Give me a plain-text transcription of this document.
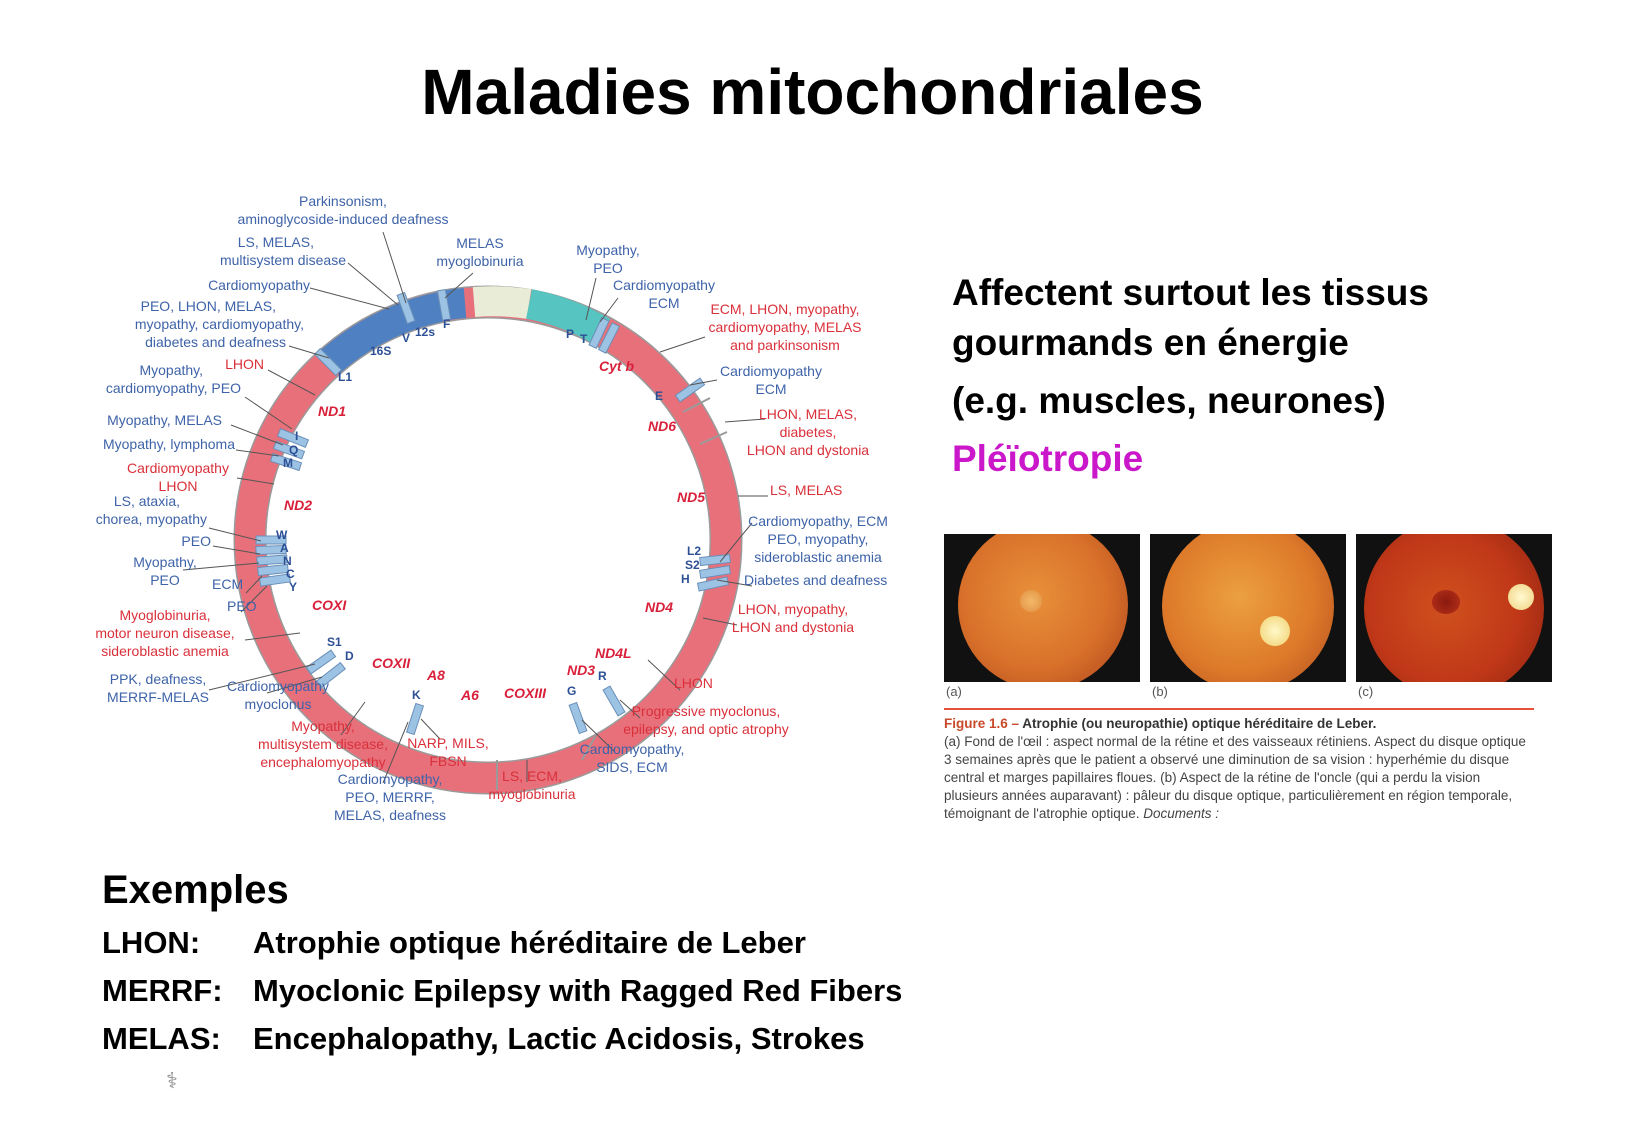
Maladies mitochondriales
ND1
ND2
COXI
COXII
A8
A6 COXIII
ND3
ND4L
ND4
ND5
ND6
Cyt b
16S
12s
V
F
L1
I
Q
M
W
A
N
C
Y
S1
D
K	G
R
L2
S2
H
E
P T
Parkinsonism, aminoglycoside-induced deafness
MELAS myoglobinuria
LS, MELAS, multisystem disease
Myopathy, PEO
Cardiomyopathy	Cardiomyopathy ECM
PEO, LHON, MELAS, myopathy, cardiomyopathy, diabetes and deafness
ECM, LHON, myopathy, cardiomyopathy, MELAS and parkinsonism
LHON	Cardiomyopathy ECM
Myopathy, cardiomyopathy, PEO
Myopathy, MELAS	LHON, MELAS, diabetes, LHON and dystonia
Myopathy, lymphoma
Cardiomyopathy LHON	LS, MELAS
LS, ataxia, chorea, myopathy	Cardiomyopathy, ECM PEO, myopathy, sideroblastic anemia
PEO
Myopathy, PEO	ECM
PEO
Diabetes and deafness
LHON, myopathy, LHON and dystonia
Myoglobinuria, motor neuron disease, sideroblastic anemia
LHON
PPK, deafness, MERRF-MELAS
Cardiomyopathy myoclonus	Progressive myoclonus, epilepsy, and optic atrophy
Myopathy, multisystem disease, encephalomyopathy
NARP, MILS, FBSN
Cardiomyopathy, SIDS, ECM
Cardiomyopathy, PEO, MERRF, MELAS, deafness
LS, ECM, myoglobinuria
Affectent surtout les tissus
gourmands en énergie
(e.g. muscles, neurones)
Pléïotropie
(a)	(b)	(c)
Figure 1.6 – Atrophie (ou neuropathie) optique héréditaire de Leber.
(a) Fond de l'œil : aspect normal de la rétine et des vaisseaux rétiniens. Aspect du disque optique 3 semaines après que le patient a observé une diminution de sa vision : hyperhémie du disque central et marges papillaires floues. (b) Aspect de la rétine de l'oncle (qui a perdu la vision plusieurs années auparavant) : pâleur du disque optique, particulièrement en région temporale, témoignant de l'atrophie optique. Documents :
Exemples
LHON:	Atrophie optique héréditaire de Leber
MERRF: Myoclonic Epilepsy with Ragged Red Fibers
MELAS:	Encephalopathy, Lactic Acidosis, Strokes
⚕
